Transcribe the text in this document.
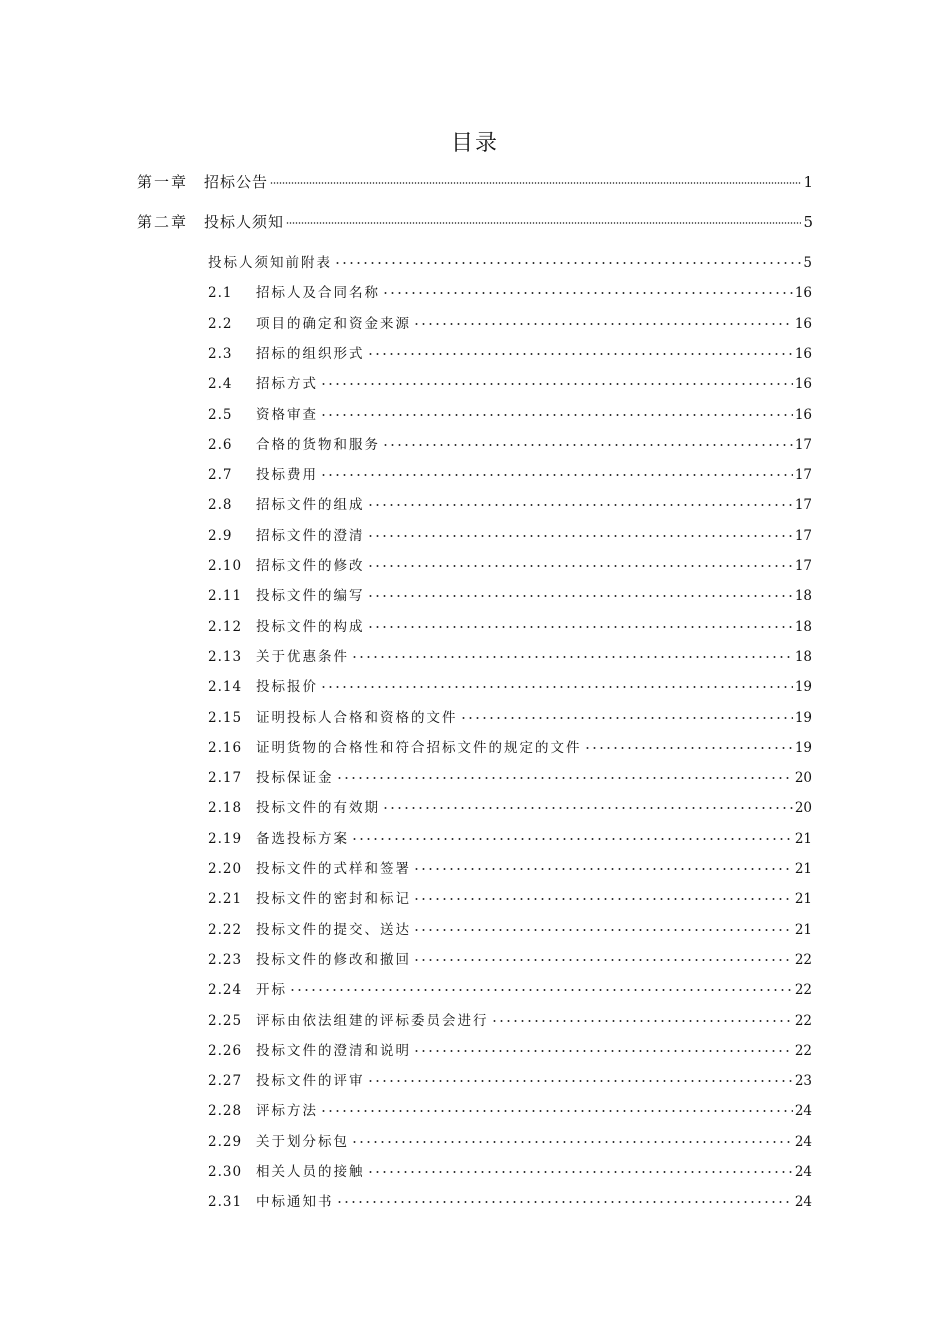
目录
第一章	招标公告	1
第二章	投标人须知	5
投标人须知前附表	5
2.1	招标人及合同名称	16
2.2	项目的确定和资金来源	16
2.3	招标的组织形式	16
2.4	招标方式	16
2.5	资格审查	16
2.6	合格的货物和服务	17
2.7	投标费用	17
2.8	招标文件的组成	17
2.9	招标文件的澄清	17
2.10	招标文件的修改	17
2.11	投标文件的编写	18
2.12	投标文件的构成	18
2.13	关于优惠条件	18
2.14	投标报价	19
2.15	证明投标人合格和资格的文件	19
2.16	证明货物的合格性和符合招标文件的规定的文件	19
2.17	投标保证金	20
2.18	投标文件的有效期	20
2.19	备选投标方案	21
2.20	投标文件的式样和签署	21
2.21	投标文件的密封和标记	21
2.22	投标文件的提交、送达	21
2.23	投标文件的修改和撤回	22
2.24	开标	22
2.25	评标由依法组建的评标委员会进行	22
2.26	投标文件的澄清和说明	22
2.27	投标文件的评审	23
2.28	评标方法	24
2.29	关于划分标包	24
2.30	相关人员的接触	24
2.31	中标通知书	24
